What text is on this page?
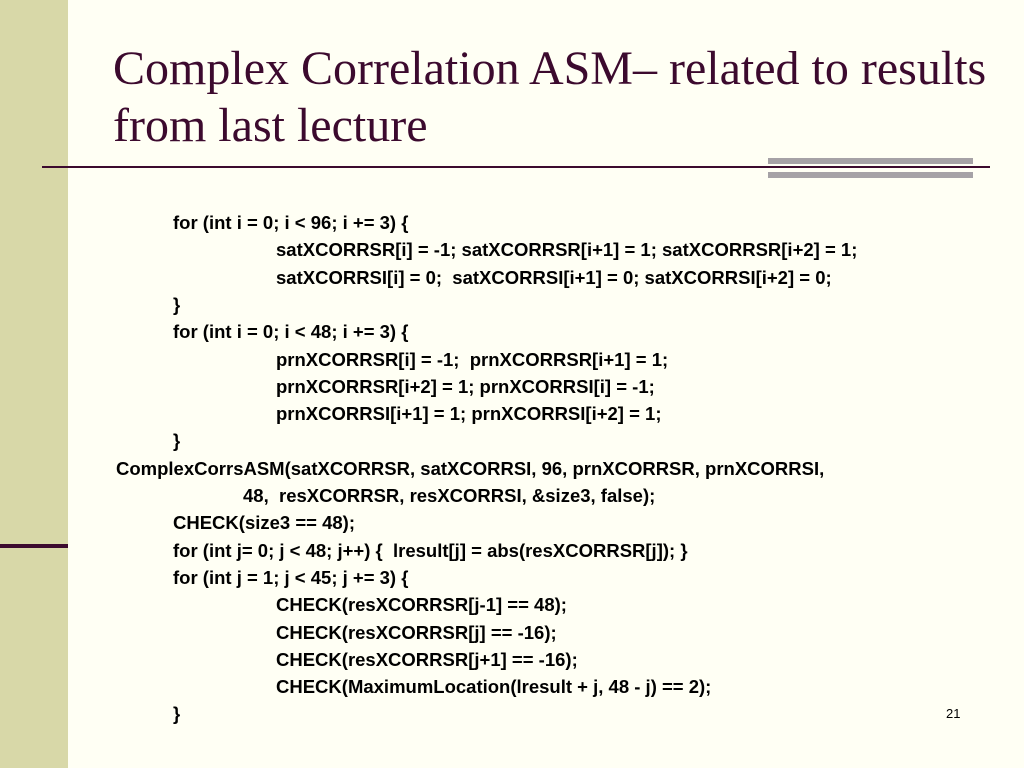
Complex Correlation ASM– related to results from last lecture
for (int i = 0; i < 96; i += 3) {
satXCORRSR[i] = -1; satXCORRSR[i+1] = 1; satXCORRSR[i+2] = 1;
satXCORRSI[i] = 0;  satXCORRSI[i+1] = 0; satXCORRSI[i+2] = 0;
}
for (int i = 0; i < 48; i += 3) {
prnXCORRSR[i] = -1;  prnXCORRSR[i+1] = 1;
prnXCORRSR[i+2] = 1; prnXCORRSI[i] = -1;
prnXCORRSI[i+1] = 1; prnXCORRSI[i+2] = 1;
}
ComplexCorrsASM(satXCORRSR, satXCORRSI, 96, prnXCORRSR, prnXCORRSI,
48,  resXCORRSR, resXCORRSI, &size3, false);
CHECK(size3 == 48);
for (int j= 0; j < 48; j++) {  lresult[j] = abs(resXCORRSR[j]); }
for (int j = 1; j < 45; j += 3) {
CHECK(resXCORRSR[j-1] == 48);
CHECK(resXCORRSR[j] == -16);
CHECK(resXCORRSR[j+1] == -16);
CHECK(MaximumLocation(lresult + j, 48 - j) == 2);
}	21
